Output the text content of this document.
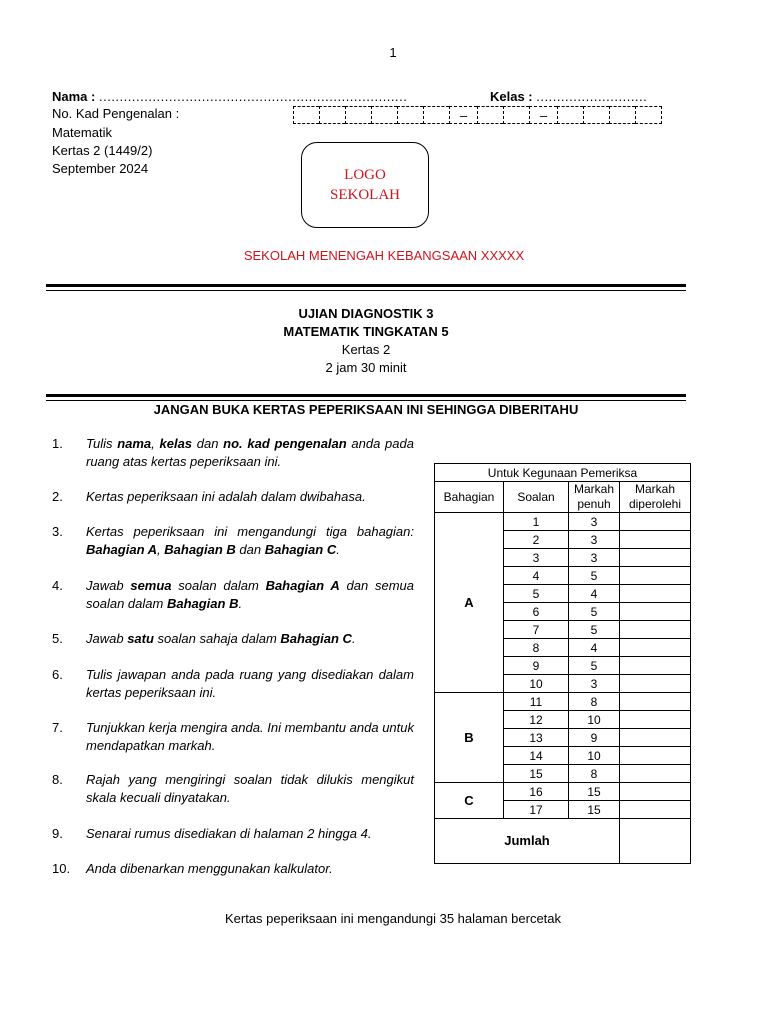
1
Nama : ...........................................................................	Kelas : ...........................
No. Kad Pengenalan :	–	–
Matematik
Kertas 2 (1449/2)
September 2024	LOGO
SEKOLAH
SEKOLAH MENENGAH KEBANGSAAN XXXXX
UJIAN DIAGNOSTIK 3
MATEMATIK TINGKATAN 5
Kertas 2
2 jam 30 minit
JANGAN BUKA KERTAS PEPERIKSAAN INI SEHINGGA DIBERITAHU
1. Tulis nama, kelas dan no. kad pengenalan anda pada ruang atas kertas peperiksaan ini.
2. Kertas peperiksaan ini adalah dalam dwibahasa.
3. Kertas peperiksaan ini mengandungi tiga bahagian: Bahagian A, Bahagian B dan Bahagian C.
4. Jawab semua soalan dalam Bahagian A dan semua soalan dalam Bahagian B.
5. Jawab satu soalan sahaja dalam Bahagian C.
6. Tulis jawapan anda pada ruang yang disediakan dalam kertas peperiksaan ini.
7. Tunjukkan kerja mengira anda. Ini membantu anda untuk mendapatkan markah.
8. Rajah yang mengiringi soalan tidak dilukis mengikut skala kecuali dinyatakan.
9. Senarai rumus disediakan di halaman 2 hingga 4.
10. Anda dibenarkan menggunakan kalkulator.
Untuk Kegunaan Pemeriksa			
Bahagian	Soalan	Markah penuh	Markah diperolehi
A	1	3	
	2	3	
	3	3	
	4	5	
	5	4	
	6	5	
	7	5	
	8	4	
	9	5	
	10	3	
B	11	8	
	12	10	
	13	9	
	14	10	
	15	8	
C	16	15	
	17	15	
Jumlah			
Kertas peperiksaan ini mengandungi 35 halaman bercetak
